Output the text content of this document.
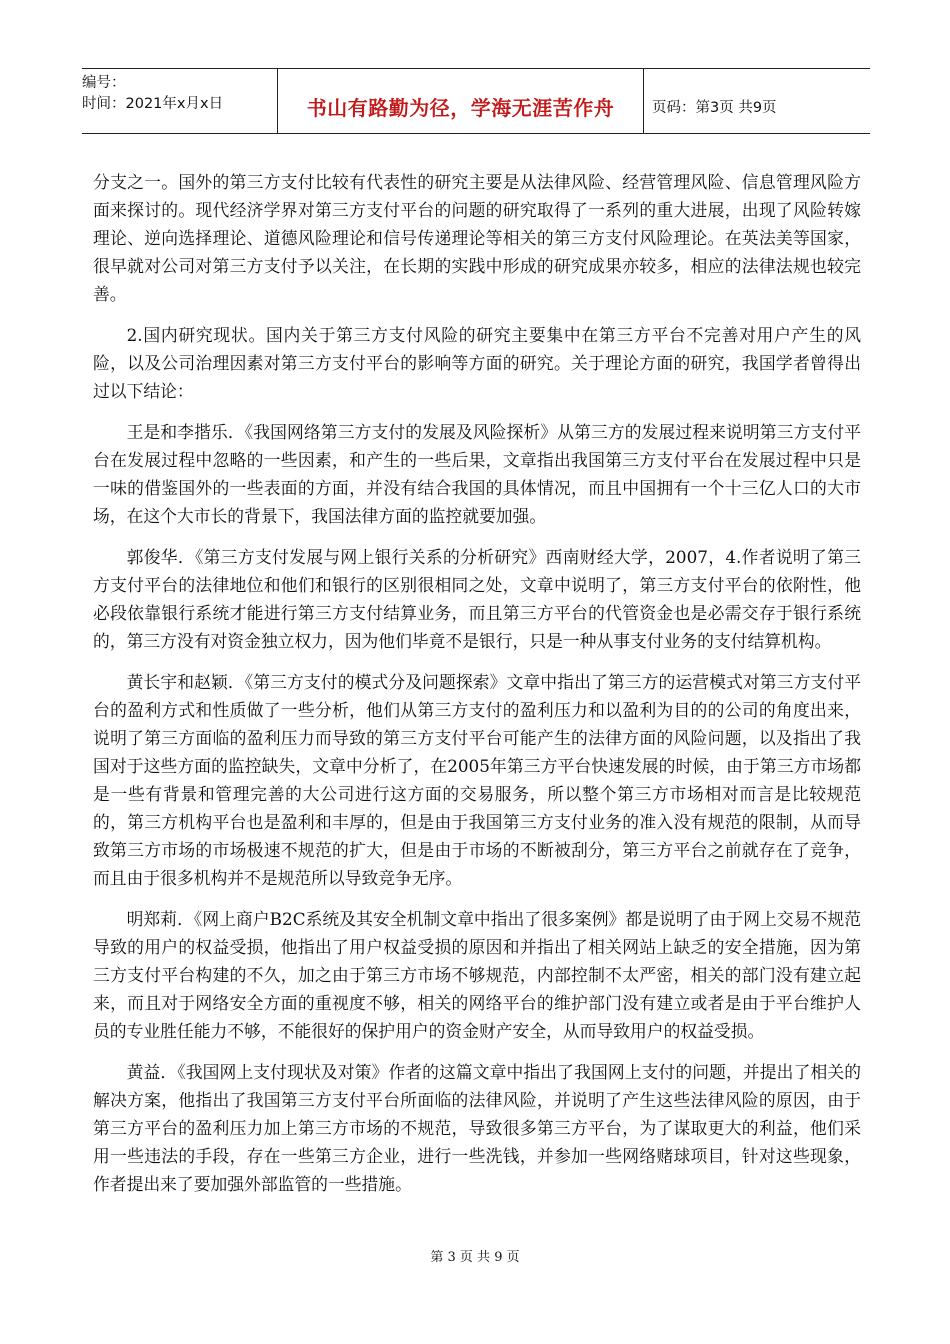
编号：
时间：2021年x月x日	书山有路勤为径，学海无涯苦作舟	页码：第3页 共9页

分支之一。国外的第三方支付比较有代表性的研究主要是从法律风险、经营管理风险、信息管理风险方面来探讨的。现代经济学界对第三方支付平台的问题的研究取得了一系列的重大进展，出现了风险转嫁理论、逆向选择理论、道德风险理论和信号传递理论等相关的第三方支付风险理论。在英法美等国家，很早就对公司对第三方支付予以关注，在长期的实践中形成的研究成果亦较多，相应的法律法规也较完善。

2.国内研究现状。国内关于第三方支付风险的研究主要集中在第三方平台不完善对用户产生的风险，以及公司治理因素对第三方支付平台的影响等方面的研究。关于理论方面的研究，我国学者曾得出过以下结论：

王是和李揩乐．《我国网络第三方支付的发展及风险探析》从第三方的发展过程来说明第三方支付平台在发展过程中忽略的一些因素，和产生的一些后果，文章指出我国第三方支付平台在发展过程中只是一味的借鉴国外的一些表面的方面，并没有结合我国的具体情况，而且中国拥有一个十三亿人口的大市场，在这个大市长的背景下，我国法律方面的监控就要加强。

郭俊华．《第三方支付发展与网上银行关系的分析研究》西南财经大学，2007，4.作者说明了第三方支付平台的法律地位和他们和银行的区别很相同之处，文章中说明了，第三方支付平台的依附性，他必段依靠银行系统才能进行第三方支付结算业务，而且第三方平台的代管资金也是必需交存于银行系统的，第三方没有对资金独立权力，因为他们毕竟不是银行，只是一种从事支付业务的支付结算机构。

黄长宇和赵颖．《第三方支付的模式分及问题探索》文章中指出了第三方的运营模式对第三方支付平台的盈利方式和性质做了一些分析，他们从第三方支付的盈利压力和以盈利为目的的公司的角度出来，说明了第三方面临的盈利压力而导致的第三方支付平台可能产生的法律方面的风险问题，以及指出了我国对于这些方面的监控缺失，文章中分析了，在2005年第三方平台快速发展的时候，由于第三方市场都是一些有背景和管理完善的大公司进行这方面的交易服务，所以整个第三方市场相对而言是比较规范的，第三方机构平台也是盈利和丰厚的，但是由于我国第三方支付业务的准入没有规范的限制，从而导致第三方市场的市场极速不规范的扩大，但是由于市场的不断被刮分，第三方平台之前就存在了竞争，而且由于很多机构并不是规范所以导致竞争无序。

明郑莉．《网上商户B2C系统及其安全机制文章中指出了很多案例》都是说明了由于网上交易不规范导致的用户的权益受损，他指出了用户权益受损的原因和并指出了相关网站上缺乏的安全措施，因为第三方支付平台构建的不久，加之由于第三方市场不够规范，内部控制不太严密，相关的部门没有建立起来，而且对于网络安全方面的重视度不够，相关的网络平台的维护部门没有建立或者是由于平台维护人员的专业胜任能力不够，不能很好的保护用户的资金财产安全，从而导致用户的权益受损。

黄益．《我国网上支付现状及对策》作者的这篇文章中指出了我国网上支付的问题，并提出了相关的解决方案，他指出了我国第三方支付平台所面临的法律风险，并说明了产生这些法律风险的原因，由于第三方平台的盈利压力加上第三方市场的不规范，导致很多第三方平台，为了谋取更大的利益，他们采用一些违法的手段，存在一些第三方企业，进行一些洗钱，并参加一些网络赌球项目，针对这些现象，作者提出来了要加强外部监管的一些措施。

第 3 页 共 9 页
